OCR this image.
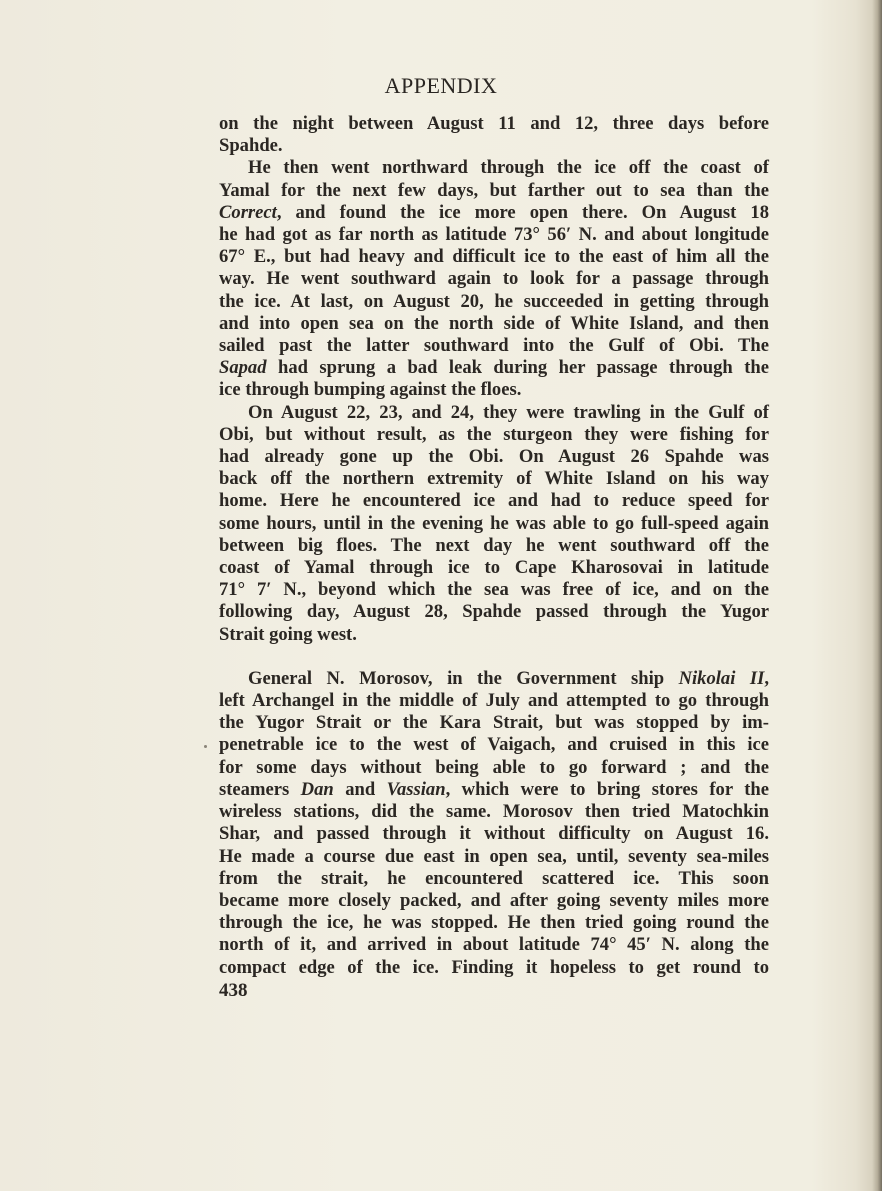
APPENDIX

on the night between August 11 and 12, three days before
Spahde.

He then went northward through the ice off the coast of
Yamal for the next few days, but farther out to sea than the
Correct, and found the ice more open there. On August 18
he had got as far north as latitude 73° 56′ N. and about longitude
67° E., but had heavy and difficult ice to the east of him all the
way. He went southward again to look for a passage through
the ice. At last, on August 20, he succeeded in getting through
and into open sea on the north side of White Island, and then
sailed past the latter southward into the Gulf of Obi. The
Sapad had sprung a bad leak during her passage through the
ice through bumping against the floes.

On August 22, 23, and 24, they were trawling in the Gulf of
Obi, but without result, as the sturgeon they were fishing for
had already gone up the Obi. On August 26 Spahde was
back off the northern extremity of White Island on his way
home. Here he encountered ice and had to reduce speed for
some hours, until in the evening he was able to go full-speed again
between big floes. The next day he went southward off the
coast of Yamal through ice to Cape Kharosovai in latitude
71° 7′ N., beyond which the sea was free of ice, and on the
following day, August 28, Spahde passed through the Yugor
Strait going west.

General N. Morosov, in the Government ship Nikolai II,
left Archangel in the middle of July and attempted to go through
the Yugor Strait or the Kara Strait, but was stopped by im-
penetrable ice to the west of Vaigach, and cruised in this ice
for some days without being able to go forward ; and the
steamers Dan and Vassian, which were to bring stores for the
wireless stations, did the same. Morosov then tried Matochkin
Shar, and passed through it without difficulty on August 16.
He made a course due east in open sea, until, seventy sea-miles
from the strait, he encountered scattered ice. This soon
became more closely packed, and after going seventy miles more
through the ice, he was stopped. He then tried going round the
north of it, and arrived in about latitude 74° 45′ N. along the
compact edge of the ice. Finding it hopeless to get round to

438
